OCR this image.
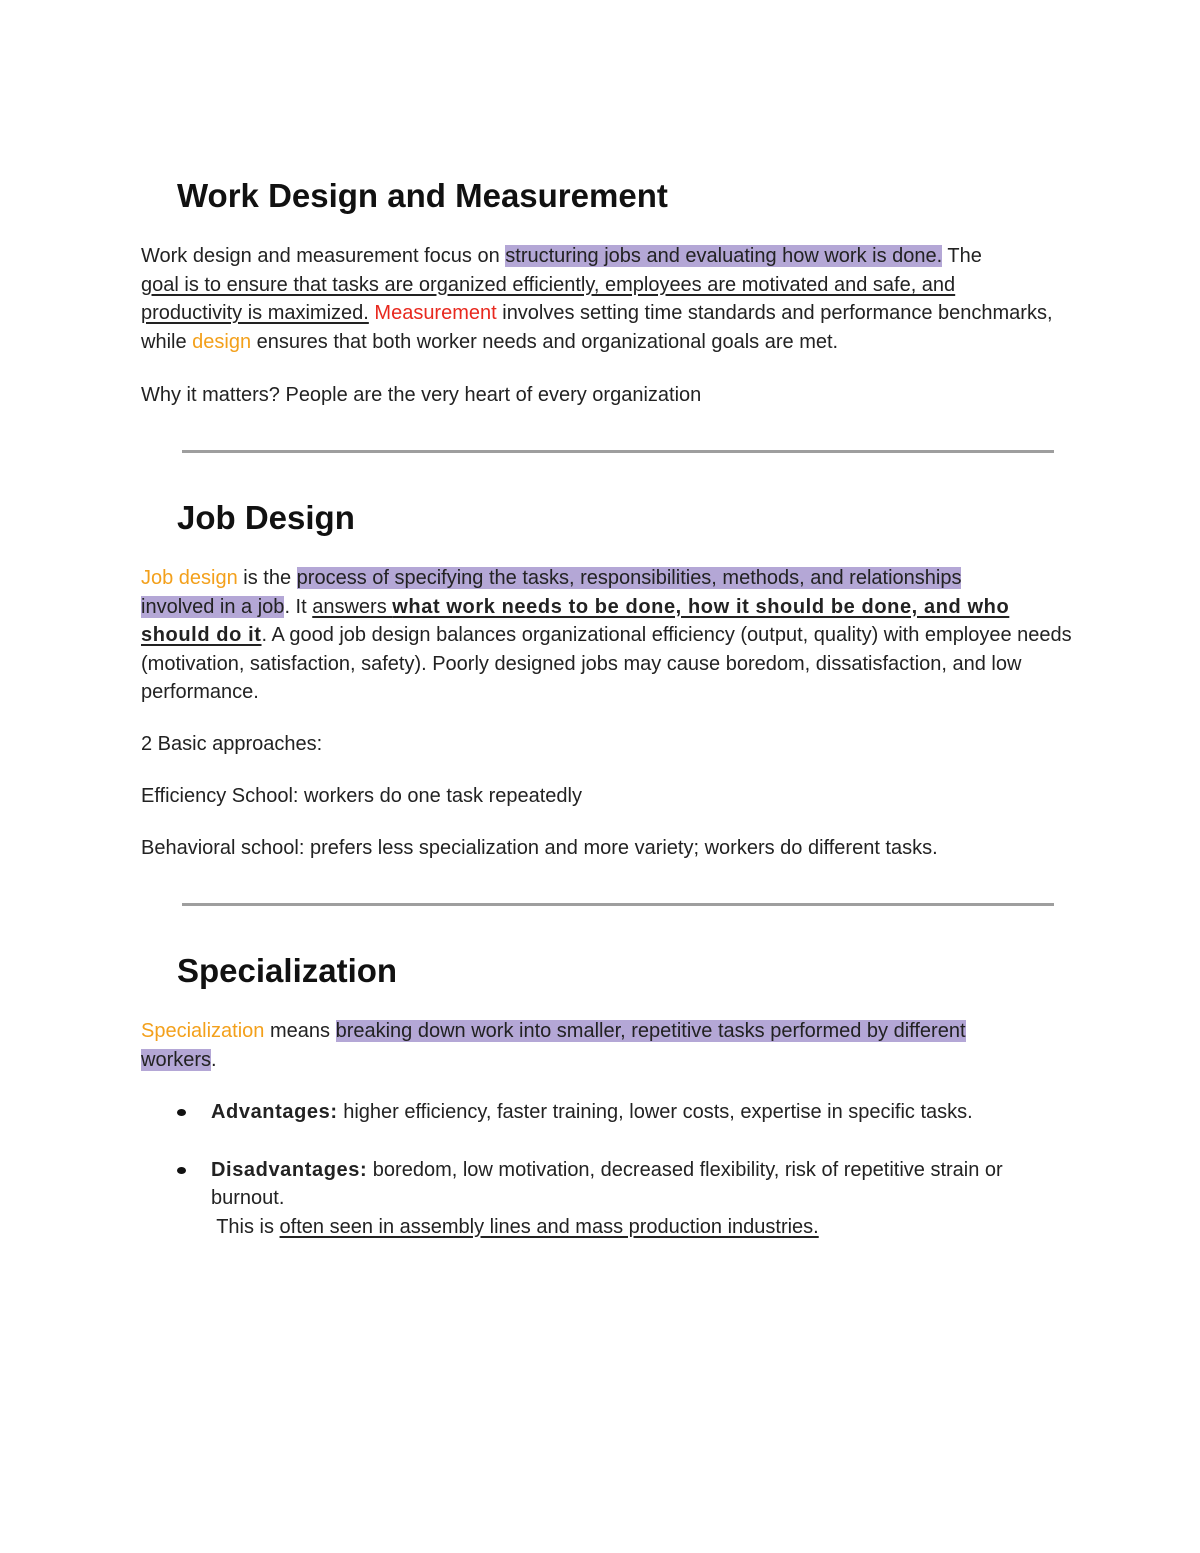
Work Design and Measurement

Work design and measurement focus on structuring jobs and evaluating how work is done. The
goal is to ensure that tasks are organized efficiently, employees are motivated and safe, and
productivity is maximized. Measurement involves setting time standards and performance benchmarks, while design ensures that both worker needs and organizational goals are met.

Why it matters? People are the very heart of every organization

Job Design

Job design is the process of specifying the tasks, responsibilities, methods, and relationships
involved in a job. It answers what work needs to be done, how it should be done, and who
should do it. A good job design balances organizational efficiency (output, quality) with employee needs (motivation, satisfaction, safety). Poorly designed jobs may cause boredom, dissatisfaction, and low performance.

2 Basic approaches:

Efficiency School: workers do one task repeatedly

Behavioral school: prefers less specialization and more variety; workers do different tasks.

Specialization

Specialization means breaking down work into smaller, repetitive tasks performed by different
workers.

Advantages: higher efficiency, faster training, lower costs, expertise in specific tasks.
Disadvantages: boredom, low motivation, decreased flexibility, risk of repetitive strain or burnout.
This is often seen in assembly lines and mass production industries.
